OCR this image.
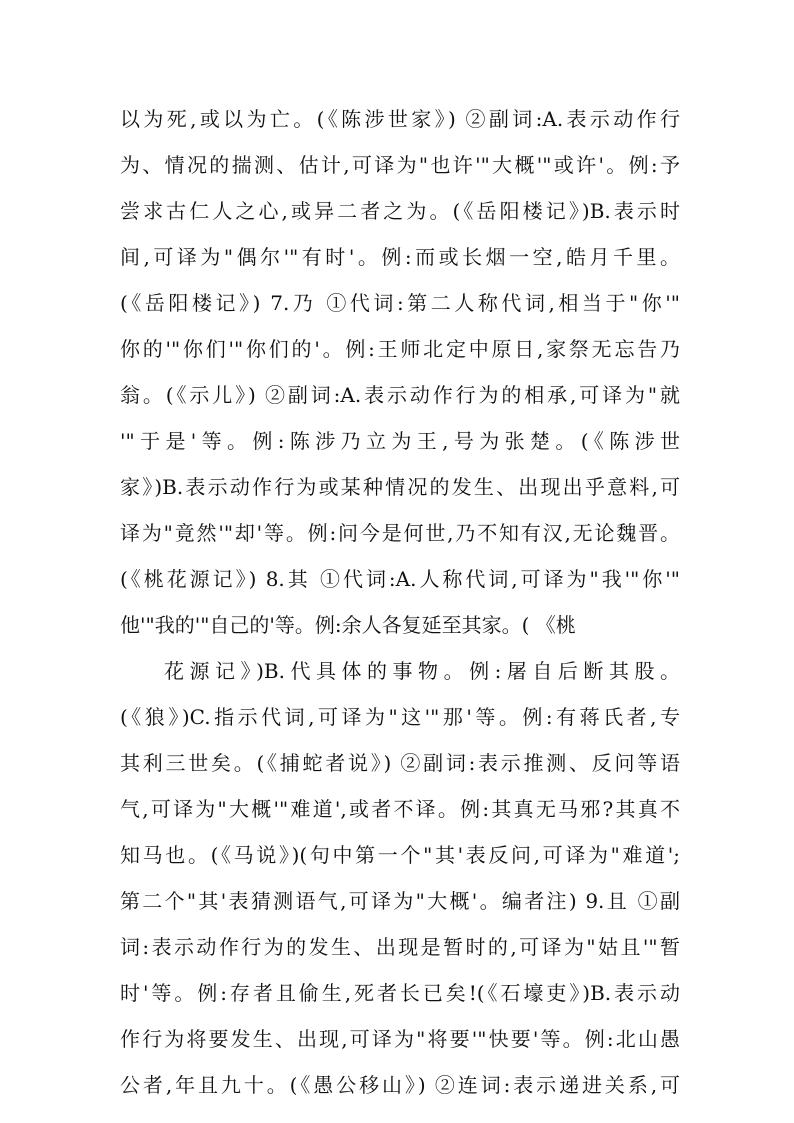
以为死,或以为亡。(《陈涉世家》) ②副词:A.表示动作行
为、情况的揣测、估计,可译为"也许'"大概'"或许'。例:予
尝求古仁人之心,或异二者之为。(《岳阳楼记》)B.表示时
间,可译为"偶尔'"有时'。例:而或长烟一空,皓月千里。
(《岳阳楼记》) 7.乃 ①代词:第二人称代词,相当于"你'"
你的'"你们'"你们的'。例:王师北定中原日,家祭无忘告乃
翁。(《示儿》) ②副词:A.表示动作行为的相承,可译为"就
'"于是'等。例:陈涉乃立为王,号为张楚。(《陈涉世
家》)B.表示动作行为或某种情况的发生、出现出乎意料,可
译为"竟然'"却'等。例:问今是何世,乃不知有汉,无论魏晋。
(《桃花源记》) 8.其 ①代词:A.人称代词,可译为"我'"你'"
他'"我的'"自己的'等。例:余人各复延至其家。( 《桃
花源记》)B.代具体的事物。例:屠自后断其股。
(《狼》)C.指示代词,可译为"这'"那'等。例:有蒋氏者,专
其利三世矣。(《捕蛇者说》) ②副词:表示推测、反问等语
气,可译为"大概'"难道',或者不译。例:其真无马邪?其真不
知马也。(《马说》)(句中第一个"其'表反问,可译为"难道';
第二个"其'表猜测语气,可译为"大概'。编者注) 9.且 ①副
词:表示动作行为的发生、出现是暂时的,可译为"姑且'"暂
时'等。例:存者且偷生,死者长已矣!(《石壕吏》)B.表示动
作行为将要发生、出现,可译为"将要'"快要'等。例:北山愚
公者,年且九十。(《愚公移山》) ②连词:表示递进关系,可
